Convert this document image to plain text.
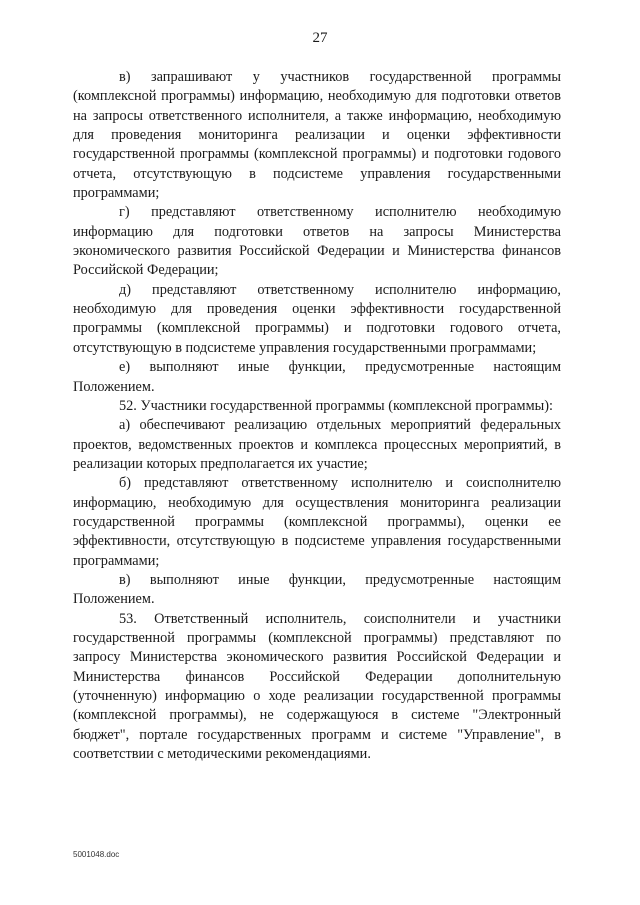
27

в) запрашивают у участников государственной программы (комплексной программы) информацию, необходимую для подготовки ответов на запросы ответственного исполнителя, а также информацию, необходимую для проведения мониторинга реализации и оценки эффективности государственной программы (комплексной программы) и подготовки годового отчета, отсутствующую в подсистеме управления государственными программами;

г) представляют ответственному исполнителю необходимую информацию для подготовки ответов на запросы Министерства экономического развития Российской Федерации и Министерства финансов Российской Федерации;

д) представляют ответственному исполнителю информацию, необходимую для проведения оценки эффективности государственной программы (комплексной программы) и подготовки годового отчета, отсутствующую в подсистеме управления государственными программами;

е) выполняют иные функции, предусмотренные настоящим Положением.

52. Участники государственной программы (комплексной программы):

а) обеспечивают реализацию отдельных мероприятий федеральных проектов, ведомственных проектов и комплекса процессных мероприятий, в реализации которых предполагается их участие;

б) представляют ответственному исполнителю и соисполнителю информацию, необходимую для осуществления мониторинга реализации государственной программы (комплексной программы), оценки ее эффективности, отсутствующую в подсистеме управления государственными программами;

в) выполняют иные функции, предусмотренные настоящим Положением.

53. Ответственный исполнитель, соисполнители и участники государственной программы (комплексной программы) представляют по запросу Министерства экономического развития Российской Федерации и Министерства финансов Российской Федерации дополнительную (уточненную) информацию о ходе реализации государственной программы (комплексной программы), не содержащуюся в системе "Электронный бюджет", портале государственных программ и системе "Управление", в соответствии с методическими рекомендациями.

5001048.doc
